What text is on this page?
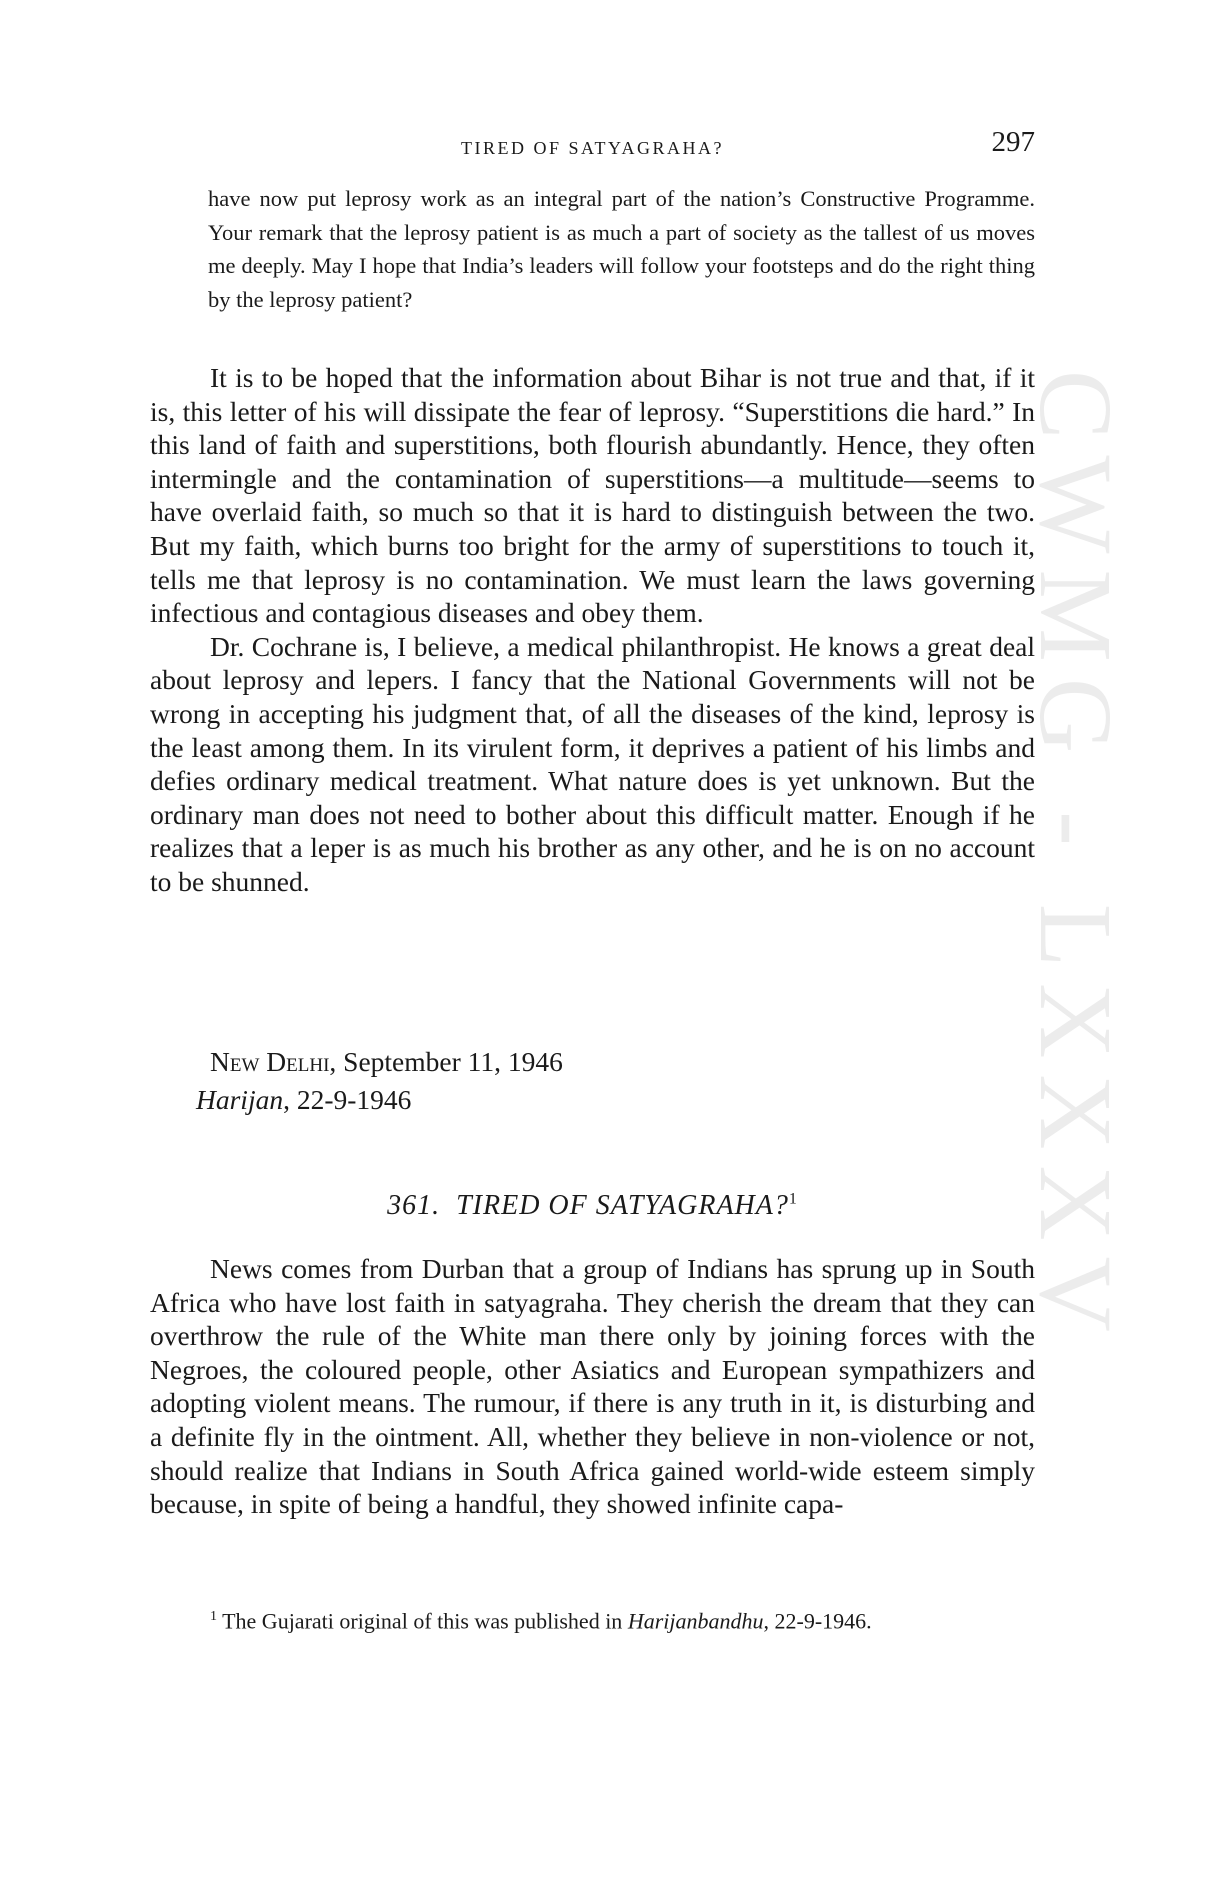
CWMG - LXXXV
TIRED OF SATYAGRAHA?	297

have now put leprosy work as an integral part of the nation’s Constructive Programme. Your remark that the leprosy patient is as much a part of society as the tallest of us moves me deeply. May I hope that India’s leaders will follow your footsteps and do the right thing by the leprosy patient?

It is to be hoped that the information about Bihar is not true and that, if it is, this letter of his will dissipate the fear of leprosy. “Superstitions die hard.” In this land of faith and superstitions, both flourish abundantly. Hence, they often intermingle and the contamination of superstitions—a multitude—seems to have overlaid faith, so much so that it is hard to distinguish between the two. But my faith, which burns too bright for the army of superstitions to touch it, tells me that leprosy is no contamination. We must learn the laws governing infectious and contagious diseases and obey them.

Dr. Cochrane is, I believe, a medical philanthropist. He knows a great deal about leprosy and lepers. I fancy that the National Governments will not be wrong in accepting his judgment that, of all the diseases of the kind, leprosy is the least among them. In its virulent form, it deprives a patient of his limbs and defies ordinary medical treatment. What nature does is yet unknown. But the ordinary man does not need to bother about this difficult matter. Enough if he realizes that a leper is as much his brother as any other, and he is on no account to be shunned.

New Delhi, September 11, 1946
Harijan, 22-9-1946
361. TIRED OF SATYAGRAHA?$^1$

News comes from Durban that a group of Indians has sprung up in South Africa who have lost faith in satyagraha. They cherish the dream that they can overthrow the rule of the White man there only by joining forces with the Negroes, the coloured people, other Asiatics and European sympathizers and adopting violent means. The rumour, if there is any truth in it, is disturbing and a definite fly in the ointment. All, whether they believe in non-violence or not, should realize that Indians in South Africa gained world-wide esteem simply because, in spite of being a handful, they showed infinite capa-

$^1$ The Gujarati original of this was published in Harijanbandhu, 22-9-1946.
